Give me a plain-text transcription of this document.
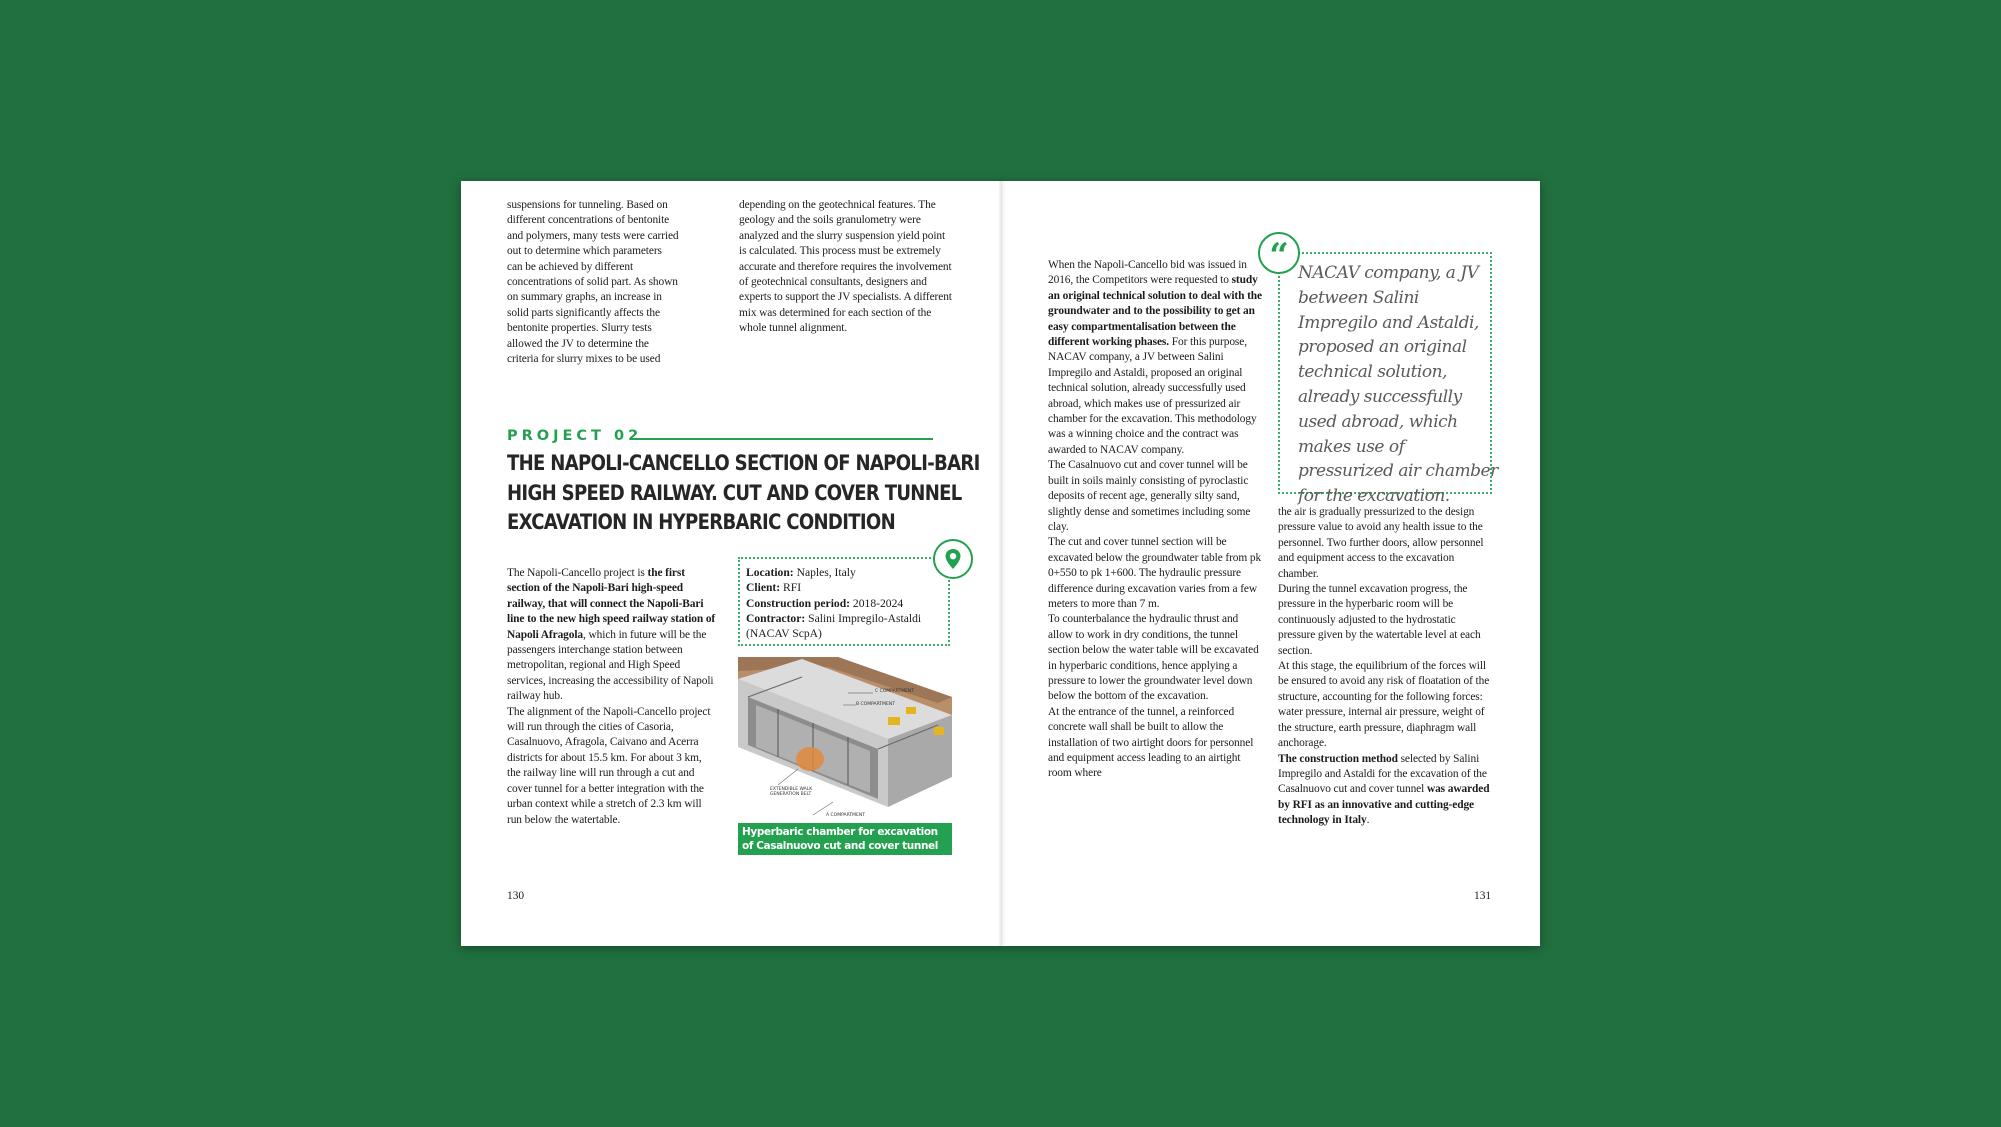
suspensions for tunneling. Based on different concentrations of bentonite and polymers, many tests were carried out to determine which parameters can be achieved by different concentrations of solid part. As shown on summary graphs, an increase in solid parts significantly affects the bentonite properties. Slurry tests allowed the JV to determine the criteria for slurry mixes to be used

depending on the geotechnical features. The geology and the soils granulometry were analyzed and the slurry suspension yield point is calculated. This process must be extremely accurate and therefore requires the involvement of geotechnical consultants, designers and experts to support the JV specialists. A different mix was determined for each section of the whole tunnel alignment.

PROJECT 02
THE NAPOLI-CANCELLO SECTION OF NAPOLI-BARI
HIGH SPEED RAILWAY. CUT AND COVER TUNNEL
EXCAVATION IN HYPERBARIC CONDITION

The Napoli-Cancello project is the first section of the Napoli-Bari high-speed railway, that will connect the Napoli-Bari line to the new high speed railway station of Napoli Afragola, which in future will be the passengers interchange station between metropolitan, regional and High Speed services, increasing the accessibility of Napoli railway hub.

The alignment of the Napoli-Cancello project will run through the cities of Casoria, Casalnuovo, Afragola, Caivano and Acerra districts for about 15.5 km. For about 3 km, the railway line will run through a cut and cover tunnel for a better integration with the urban context while a stretch of 2.3 km will run below the watertable.

Location: Naples, Italy
Client: RFI
Construction period: 2018-2024
Contractor: Salini Impregilo-Astaldi (NACAV ScpA)
C COMPARTMENT
B COMPARTMENT
EXTENDIBLE WALK GENERATION BELT
A COMPARTMENT
Hyperbaric chamber for excavation of Casalnuovo cut and cover tunnel
130

When the Napoli-Cancello bid was issued in 2016, the Competitors were requested to study an original technical solution to deal with the groundwater and to the possibility to get an easy compartmentalisation between the different working phases. For this purpose, NACAV company, a JV between Salini Impregilo and Astaldi, proposed an original technical solution, already successfully used abroad, which makes use of pressurized air chamber for the excavation. This methodology was a winning choice and the contract was awarded to NACAV company.

The Casalnuovo cut and cover tunnel will be built in soils mainly consisting of pyroclastic deposits of recent age, generally silty sand, slightly dense and sometimes including some clay.

The cut and cover tunnel section will be excavated below the groundwater table from pk 0+550 to pk 1+600. The hydraulic pressure difference during excavation varies from a few meters to more than 7 m.

To counterbalance the hydraulic thrust and allow to work in dry conditions, the tunnel section below the water table will be excavated in hyperbaric conditions, hence applying a pressure to lower the groundwater level down below the bottom of the excavation.

At the entrance of the tunnel, a reinforced concrete wall shall be built to allow the installation of two airtight doors for personnel and equipment access leading to an airtight room where

NACAV company, a JV between Salini Impregilo and Astaldi, proposed an original technical solution, already successfully used abroad, which makes use of pressurized air chamber for the excavation.
“

the air is gradually pressurized to the design pressure value to avoid any health issue to the personnel. Two further doors, allow personnel and equipment access to the excavation chamber.

During the tunnel excavation progress, the pressure in the hyperbaric room will be continuously adjusted to the hydrostatic pressure given by the watertable level at each section.

At this stage, the equilibrium of the forces will be ensured to avoid any risk of floatation of the structure, accounting for the following forces: water pressure, internal air pressure, weight of the structure, earth pressure, diaphragm wall anchorage.

The construction method selected by Salini Impregilo and Astaldi for the excavation of the Casalnuovo cut and cover tunnel was awarded by RFI as an innovative and cutting-edge technology in Italy.

131
